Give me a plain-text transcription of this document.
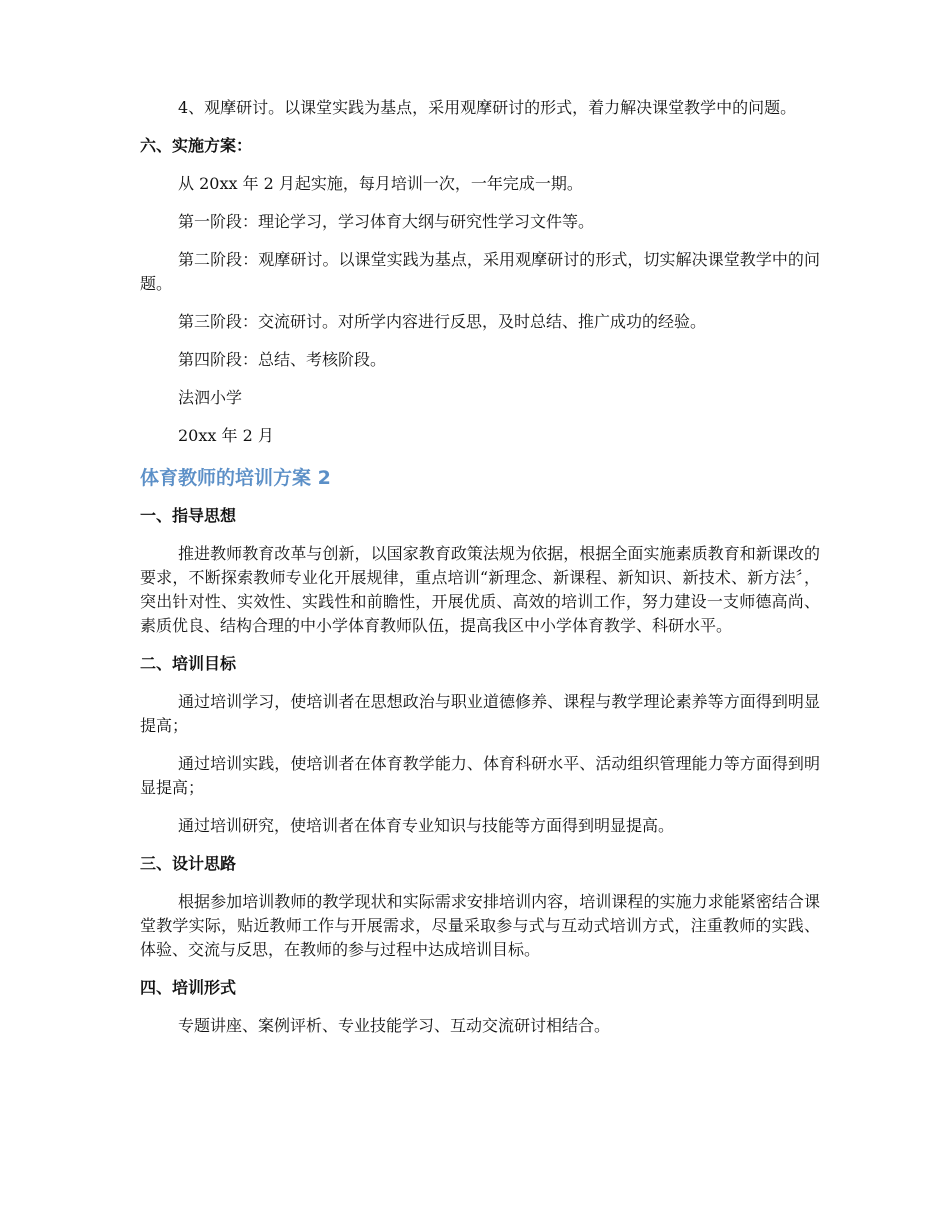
4、观摩研讨。以课堂实践为基点，采用观摩研讨的形式，着力解决课堂教学中的问题。

六、实施方案：

从 20xx 年 2 月起实施，每月培训一次，一年完成一期。

第一阶段：理论学习，学习体育大纲与研究性学习文件等。

第二阶段：观摩研讨。以课堂实践为基点，采用观摩研讨的形式，切实解决课堂教学中的问题。

第三阶段：交流研讨。对所学内容进行反思，及时总结、推广成功的经验。

第四阶段：总结、考核阶段。

法泗小学

20xx 年 2 月

体育教师的培训方案 2

一、指导思想

推进教师教育改革与创新，以国家教育政策法规为依据，根据全面实施素质教育和新课改的要求，不断探索教师专业化开展规律，重点培训“新理念、新课程、新知识、新技术、新方法〞，突出针对性、实效性、实践性和前瞻性，开展优质、高效的培训工作，努力建设一支师德高尚、素质优良、结构合理的中小学体育教师队伍，提高我区中小学体育教学、科研水平。

二、培训目标

通过培训学习，使培训者在思想政治与职业道德修养、课程与教学理论素养等方面得到明显提高；

通过培训实践，使培训者在体育教学能力、体育科研水平、活动组织管理能力等方面得到明显提高；

通过培训研究，使培训者在体育专业知识与技能等方面得到明显提高。

三、设计思路

根据参加培训教师的教学现状和实际需求安排培训内容，培训课程的实施力求能紧密结合课堂教学实际，贴近教师工作与开展需求，尽量采取参与式与互动式培训方式，注重教师的实践、体验、交流与反思，在教师的参与过程中达成培训目标。

四、培训形式

专题讲座、案例评析、专业技能学习、互动交流研讨相结合。
